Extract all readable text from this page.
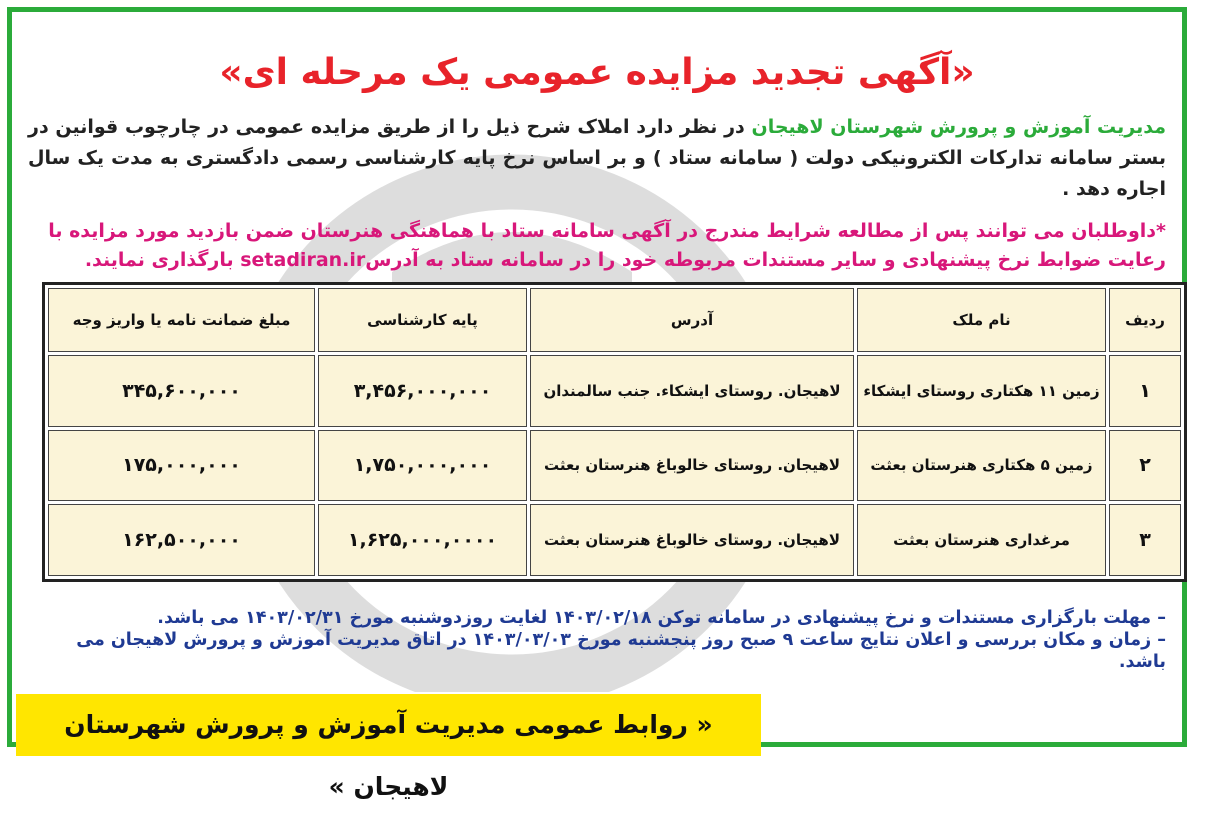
«آگهی تجدید مزایده عمومی یک مرحله ای»
مدیریت آموزش و پرورش شهرستان لاهیجان در نظر دارد املاک شرح ذیل را از طریق مزایده عمومی در چارچوب قوانین در بستر سامانه تدارکات الکترونیکی دولت ( سامانه ستاد ) و بر اساس نرخ پایه کارشناسی رسمی دادگستری به مدت یک سال اجاره دهد .
*داوطلبان می توانند پس از مطالعه شرایط مندرج در آگهی سامانه ستاد با هماهنگی هنرستان ضمن بازدید مورد مزایده با رعایت ضوابط نرخ پیشنهادی و سایر مستندات مربوطه خود را در سامانه ستاد به آدرسsetadiran.ir بارگذاری نمایند.
ردیف	نام ملک	آدرس	پایه کارشناسی	مبلغ ضمانت نامه یا واریز وجه
۱	زمین ۱۱ هکتاری روستای ایشکاء	لاهیجان. روستای ایشکاء. جنب سالمندان	۳,۴۵۶,۰۰۰,۰۰۰	۳۴۵,۶۰۰,۰۰۰
۲	زمین ۵ هکتاری هنرستان بعثت	لاهیجان. روستای خالوباغ هنرستان بعثت	۱,۷۵۰,۰۰۰,۰۰۰	۱۷۵,۰۰۰,۰۰۰
۳	مرغداری هنرستان بعثت	لاهیجان. روستای خالوباغ هنرستان بعثت	۱,۶۲۵,۰۰۰,۰۰۰۰	۱۶۲,۵۰۰,۰۰۰

– مهلت بارگزاری مستندات و نرخ پیشنهادی در سامانه توکن ۱۴۰۳/۰۲/۱۸ لغایت روزدوشنبه مورخ ۱۴۰۳/۰۲/۳۱ می باشد.

– زمان و مکان بررسی و اعلان نتایج ساعت ۹ صبح روز پنجشنبه مورخ ۱۴۰۳/۰۳/۰۳ در اتاق مدیریت آموزش و پرورش لاهیجان می باشد.

« روابط عمومی مدیریت آموزش و پرورش شهرستان لاهیجان »
